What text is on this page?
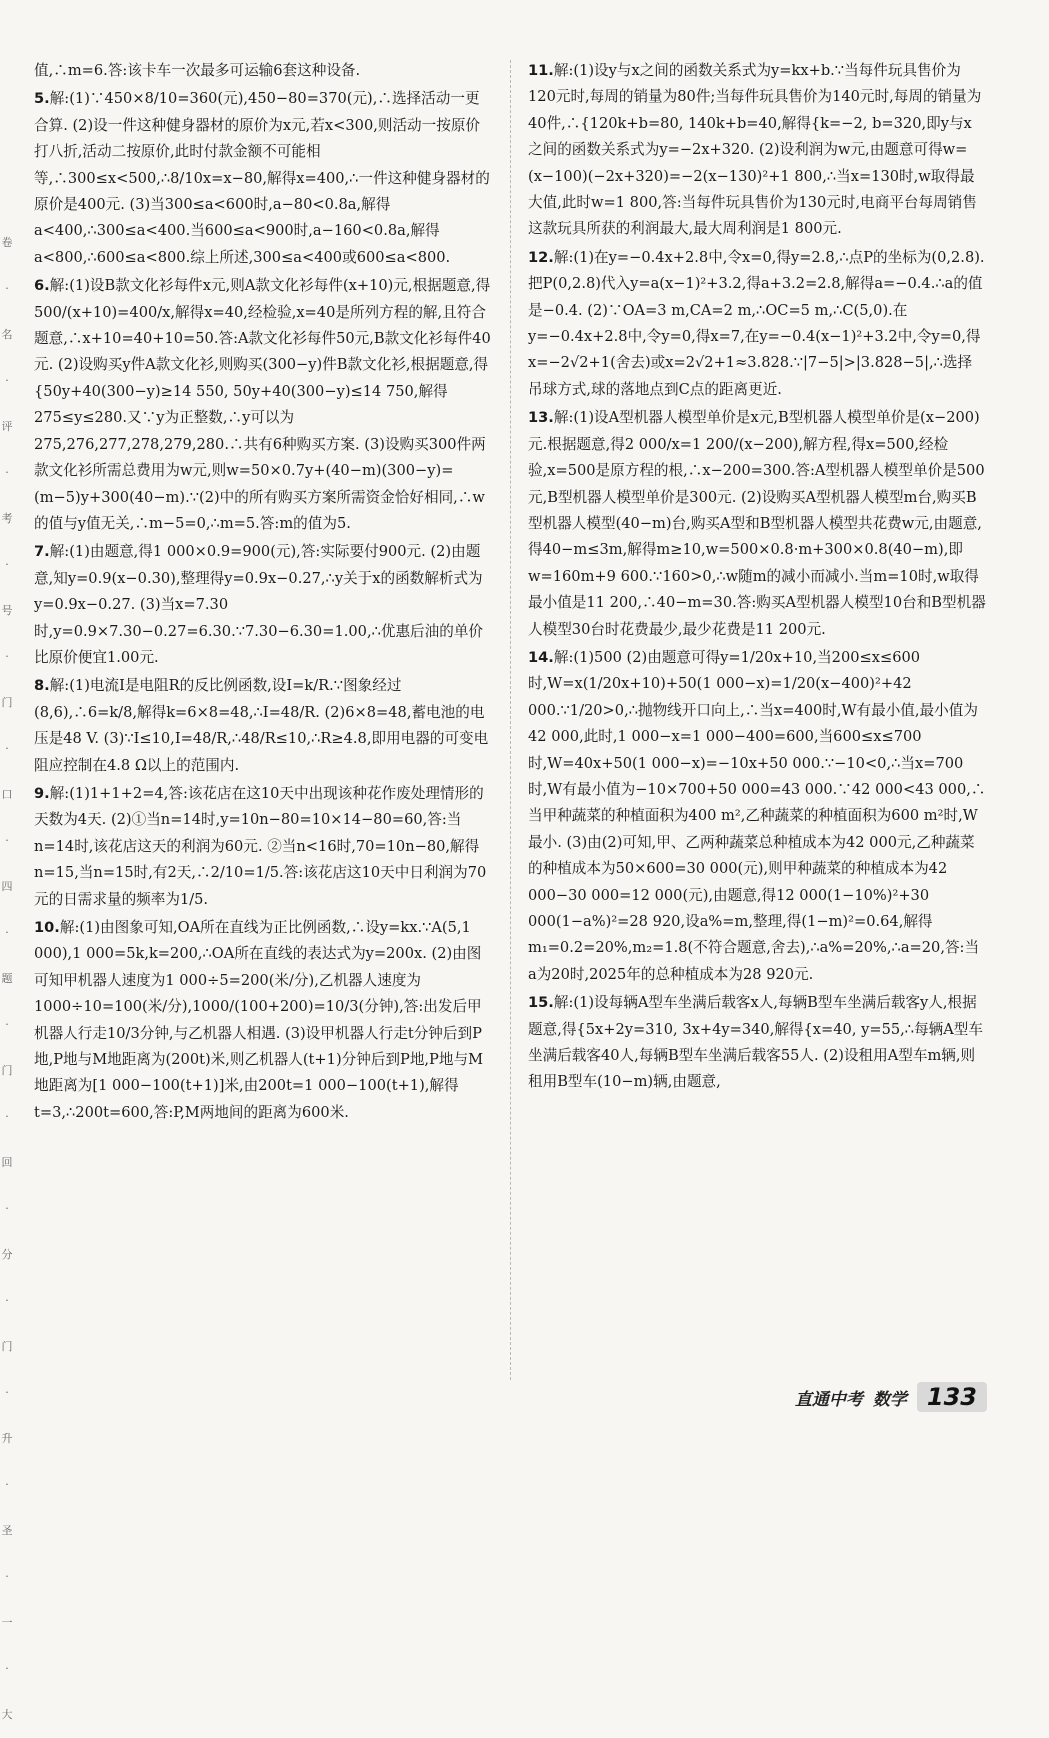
卷 · 名 · 评 · 考 · 号 · 门 · 口 · 四 · 题 · 门 · 回 · 分 · 门 · 升 · 圣 · 一 · 大

值,∴m=6.答:该卡车一次最多可运输6套这种设备.

5.解:(1)∵450×8/10=360(元),450−80=370(元),∴选择活动一更合算. (2)设一件这种健身器材的原价为x元,若x<300,则活动一按原价打八折,活动二按原价,此时付款金额不可能相等,∴300≤x<500,∴8/10x=x−80,解得x=400,∴一件这种健身器材的原价是400元. (3)当300≤a<600时,a−80<0.8a,解得a<400,∴300≤a<400.当600≤a<900时,a−160<0.8a,解得a<800,∴600≤a<800.综上所述,300≤a<400或600≤a<800.

6.解:(1)设B款文化衫每件x元,则A款文化衫每件(x+10)元,根据题意,得500/(x+10)=400/x,解得x=40,经检验,x=40是所列方程的解,且符合题意,∴x+10=40+10=50.答:A款文化衫每件50元,B款文化衫每件40元. (2)设购买y件A款文化衫,则购买(300−y)件B款文化衫,根据题意,得{50y+40(300−y)≥14 550, 50y+40(300−y)≤14 750,解得275≤y≤280.又∵y为正整数,∴y可以为275,276,277,278,279,280.∴共有6种购买方案. (3)设购买300件两款文化衫所需总费用为w元,则w=50×0.7y+(40−m)(300−y)=(m−5)y+300(40−m).∵(2)中的所有购买方案所需资金恰好相同,∴w的值与y值无关,∴m−5=0,∴m=5.答:m的值为5.

7.解:(1)由题意,得1 000×0.9=900(元),答:实际要付900元. (2)由题意,知y=0.9(x−0.30),整理得y=0.9x−0.27,∴y关于x的函数解析式为y=0.9x−0.27. (3)当x=7.30时,y=0.9×7.30−0.27=6.30.∵7.30−6.30=1.00,∴优惠后油的单价比原价便宜1.00元.

8.解:(1)电流I是电阻R的反比例函数,设I=k/R.∵图象经过(8,6),∴6=k/8,解得k=6×8=48,∴I=48/R. (2)6×8=48,蓄电池的电压是48 V. (3)∵I≤10,I=48/R,∴48/R≤10,∴R≥4.8,即用电器的可变电阻应控制在4.8 Ω以上的范围内.

9.解:(1)1+1+2=4,答:该花店在这10天中出现该种花作废处理情形的天数为4天. (2)①当n=14时,y=10n−80=10×14−80=60,答:当n=14时,该花店这天的利润为60元. ②当n<16时,70=10n−80,解得n=15,当n=15时,有2天,∴2/10=1/5.答:该花店这10天中日利润为70元的日需求量的频率为1/5.

10.解:(1)由图象可知,OA所在直线为正比例函数,∴设y=kx.∵A(5,1 000),1 000=5k,k=200,∴OA所在直线的表达式为y=200x. (2)由图可知甲机器人速度为1 000÷5=200(米/分),乙机器人速度为1000÷10=100(米/分),1000/(100+200)=10/3(分钟),答:出发后甲机器人行走10/3分钟,与乙机器人相遇. (3)设甲机器人行走t分钟后到P地,P地与M地距离为(200t)米,则乙机器人(t+1)分钟后到P地,P地与M地距离为[1 000−100(t+1)]米,由200t=1 000−100(t+1),解得t=3,∴200t=600,答:P,M两地间的距离为600米.

11.解:(1)设y与x之间的函数关系式为y=kx+b.∵当每件玩具售价为120元时,每周的销量为80件;当每件玩具售价为140元时,每周的销量为40件,∴{120k+b=80, 140k+b=40,解得{k=−2, b=320,即y与x之间的函数关系式为y=−2x+320. (2)设利润为w元,由题意可得w=(x−100)(−2x+320)=−2(x−130)²+1 800,∴当x=130时,w取得最大值,此时w=1 800,答:当每件玩具售价为130元时,电商平台每周销售这款玩具所获的利润最大,最大周利润是1 800元.

12.解:(1)在y=−0.4x+2.8中,令x=0,得y=2.8,∴点P的坐标为(0,2.8).把P(0,2.8)代入y=a(x−1)²+3.2,得a+3.2=2.8,解得a=−0.4.∴a的值是−0.4. (2)∵OA=3 m,CA=2 m,∴OC=5 m,∴C(5,0).在y=−0.4x+2.8中,令y=0,得x=7,在y=−0.4(x−1)²+3.2中,令y=0,得x=−2√2+1(舍去)或x=2√2+1≈3.828.∵|7−5|>|3.828−5|,∴选择吊球方式,球的落地点到C点的距离更近.

13.解:(1)设A型机器人模型单价是x元,B型机器人模型单价是(x−200)元.根据题意,得2 000/x=1 200/(x−200),解方程,得x=500,经检验,x=500是原方程的根,∴x−200=300.答:A型机器人模型单价是500元,B型机器人模型单价是300元. (2)设购买A型机器人模型m台,购买B型机器人模型(40−m)台,购买A型和B型机器人模型共花费w元,由题意,得40−m≤3m,解得m≥10,w=500×0.8·m+300×0.8(40−m),即w=160m+9 600.∵160>0,∴w随m的减小而减小.当m=10时,w取得最小值是11 200,∴40−m=30.答:购买A型机器人模型10台和B型机器人模型30台时花费最少,最少花费是11 200元.

14.解:(1)500 (2)由题意可得y=1/20x+10,当200≤x≤600时,W=x(1/20x+10)+50(1 000−x)=1/20(x−400)²+42 000.∵1/20>0,∴抛物线开口向上,∴当x=400时,W有最小值,最小值为42 000,此时,1 000−x=1 000−400=600,当600≤x≤700时,W=40x+50(1 000−x)=−10x+50 000.∵−10<0,∴当x=700时,W有最小值为−10×700+50 000=43 000.∵42 000<43 000,∴当甲种蔬菜的种植面积为400 m²,乙种蔬菜的种植面积为600 m²时,W最小. (3)由(2)可知,甲、乙两种蔬菜总种植成本为42 000元,乙种蔬菜的种植成本为50×600=30 000(元),则甲种蔬菜的种植成本为42 000−30 000=12 000(元),由题意,得12 000(1−10%)²+30 000(1−a%)²=28 920,设a%=m,整理,得(1−m)²=0.64,解得m₁=0.2=20%,m₂=1.8(不符合题意,舍去),∴a%=20%,∴a=20,答:当a为20时,2025年的总种植成本为28 920元.

15.解:(1)设每辆A型车坐满后载客x人,每辆B型车坐满后载客y人,根据题意,得{5x+2y=310, 3x+4y=340,解得{x=40, y=55,∴每辆A型车坐满后载客40人,每辆B型车坐满后载客55人. (2)设租用A型车m辆,则租用B型车(10−m)辆,由题意,

直通中考 数学 133
